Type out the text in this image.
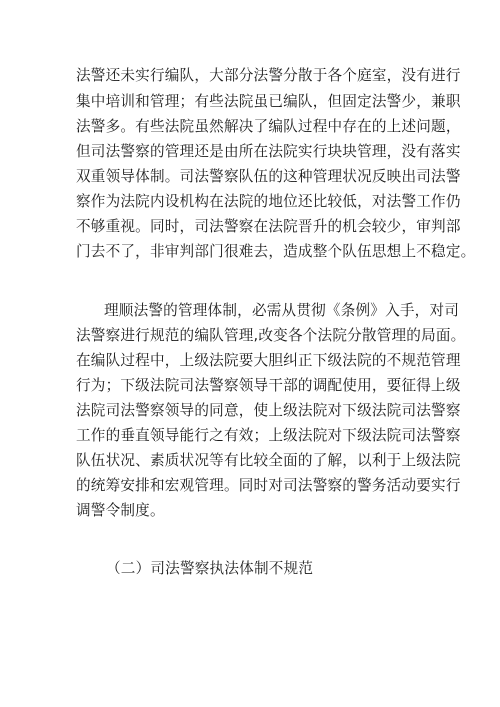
法警还未实行编队，大部分法警分散于各个庭室，没有进行
集中培训和管理；有些法院虽已编队，但固定法警少，兼职
法警多。有些法院虽然解决了编队过程中存在的上述问题，
但司法警察的管理还是由所在法院实行块块管理，没有落实
双重领导体制。司法警察队伍的这种管理状况反映出司法警
察作为法院内设机构在法院的地位还比较低，对法警工作仍
不够重视。同时，司法警察在法院晋升的机会较少，审判部
门去不了，非审判部门很难去，造成整个队伍思想上不稳定。
理顺法警的管理体制，必需从贯彻《条例》入手，对司
法警察进行规范的编队管理,改变各个法院分散管理的局面。
在编队过程中，上级法院要大胆纠正下级法院的不规范管理
行为；下级法院司法警察领导干部的调配使用，要征得上级
法院司法警察领导的同意，使上级法院对下级法院司法警察
工作的垂直领导能行之有效；上级法院对下级法院司法警察
队伍状况、素质状况等有比较全面的了解，以利于上级法院
的统筹安排和宏观管理。同时对司法警察的警务活动要实行
调警令制度。
（二）司法警察执法体制不规范
